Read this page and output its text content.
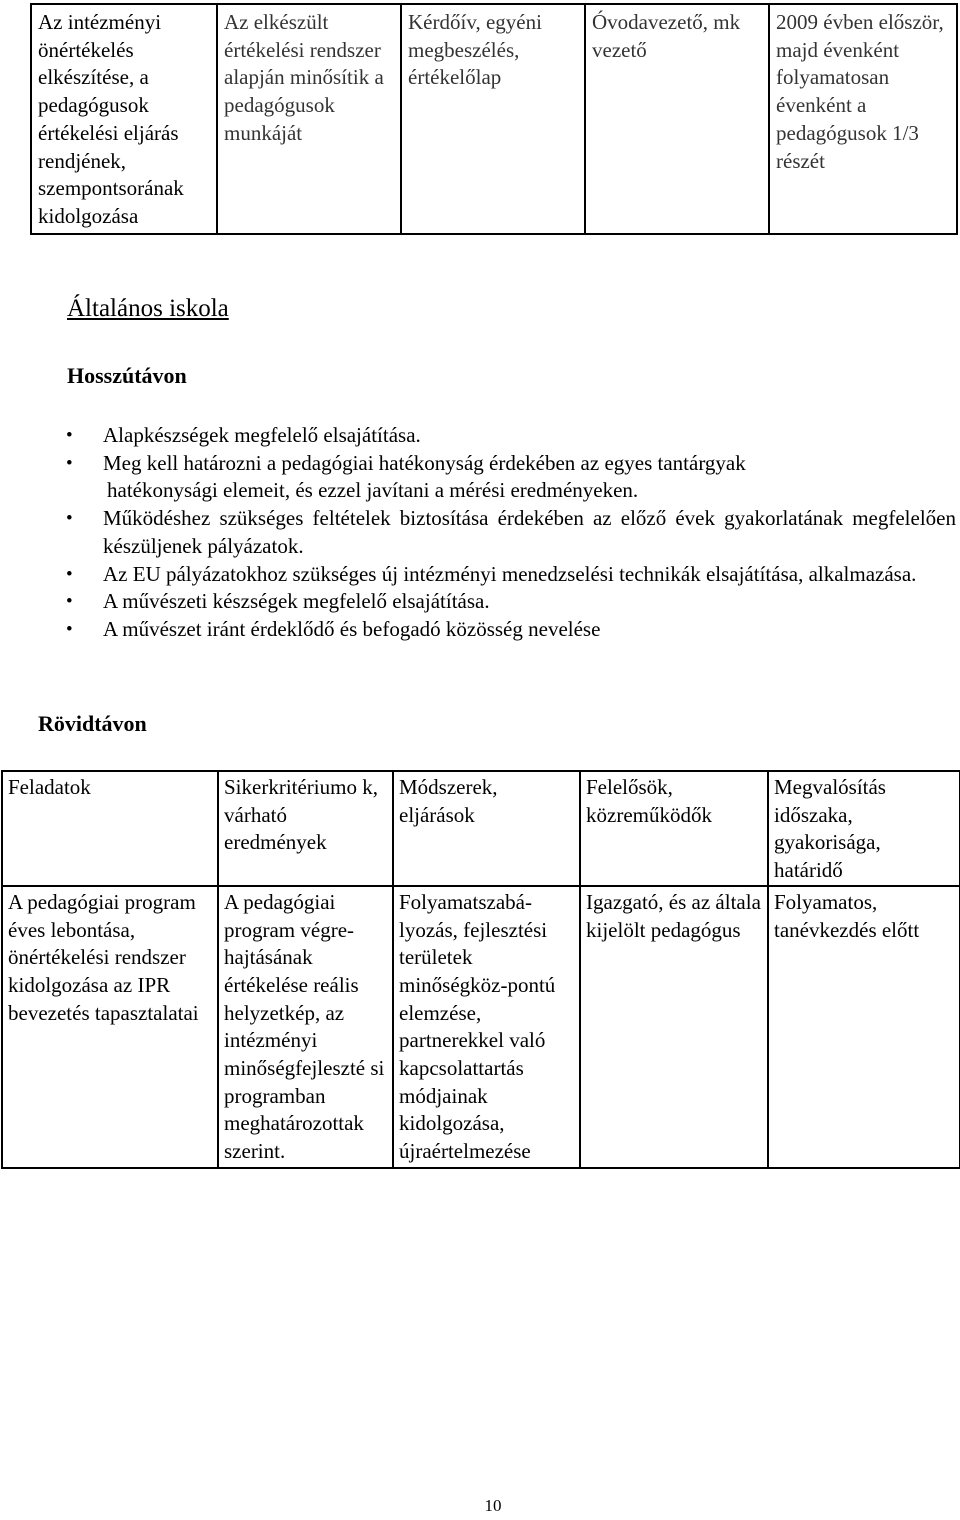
Az intézményi önértékelés elkészítése, a pedagógusok értékelési eljárás rendjének, szempontsorának kidolgozása	Az elkészült értékelési rendszer alapján minősítik a pedagógusok munkáját	Kérdőív, egyéni megbeszélés, értékelőlap	Óvodavezető, mk vezető	2009 évben először, majd évenként folyamatosan évenként a pedagógusok 1/3 részét
Általános iskola
Hosszútávon
• Alapkészségek megfelelő elsajátítása.
• Meg kell határozni a pedagógiai hatékonyság érdekében az egyes tantárgyak
hatékonysági elemeit, és ezzel javítani a mérési eredményeken.
• Működéshez szükséges feltételek biztosítása érdekében az előző évek gyakorlatának megfelelően készüljenek pályázatok.
• Az EU pályázatokhoz szükséges új intézményi menedzselési technikák elsajátítása, alkalmazása.
• A művészeti készségek megfelelő elsajátítása.
• A művészet iránt érdeklődő és befogadó közösség nevelése
Rövidtávon
Feladatok	Sikerkritériumo k, várható eredmények	Módszerek, eljárások	Felelősök, közreműködők	Megvalósítás időszaka, gyakorisága, határidő
A pedagógiai program éves lebontása, önértékelési rendszer kidolgozása az IPR bevezetés tapasztalatai	A pedagógiai program végre-hajtásának értékelése reális helyzetkép, az intézményi minőségfejleszté si programban meghatározottak szerint.	Folyamatszabá-lyozás, fejlesztési területek minőségköz-pontú elemzése, partnerekkel való kapcsolattartás módjainak kidolgozása, újraértelmezése	Igazgató, és az általa kijelölt pedagógus	Folyamatos, tanévkezdés előtt
10
